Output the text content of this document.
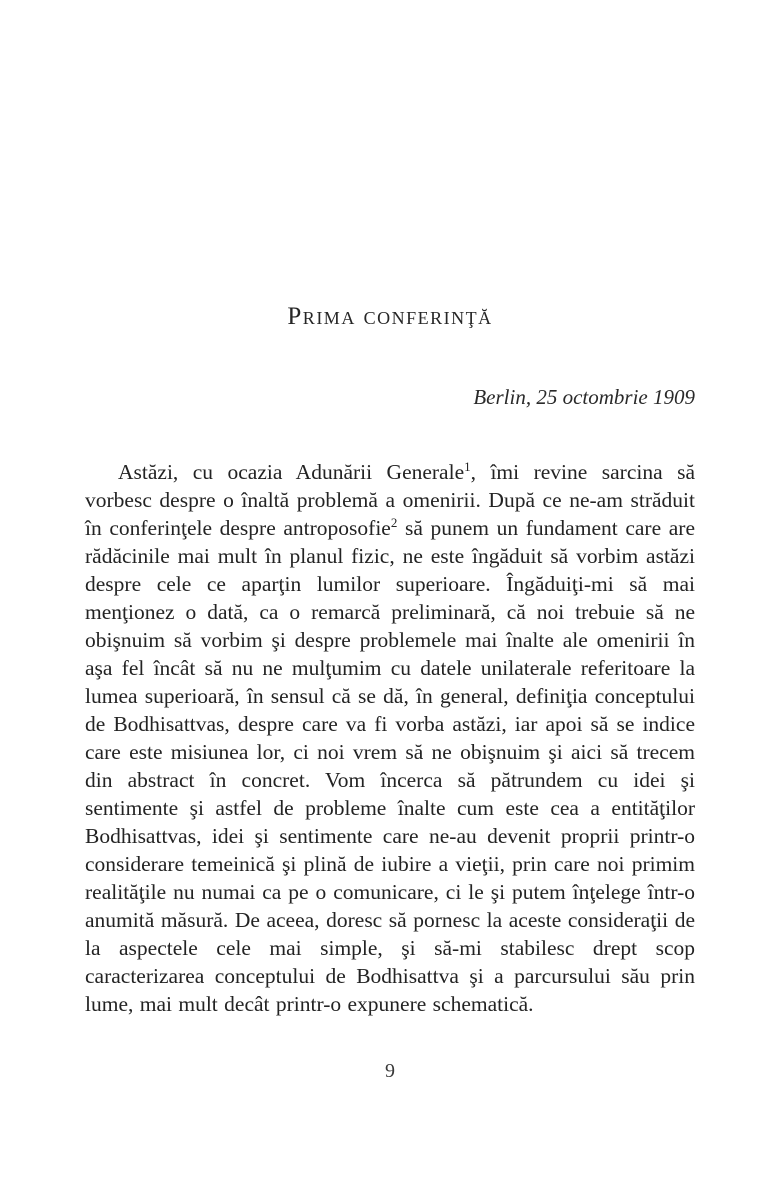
Prima conferinţă
Berlin, 25 octombrie 1909

Astăzi, cu ocazia Adunării Generale$^1$, îmi revine sarcina să vorbesc despre o înaltă problemă a omenirii. După ce ne-am străduit în conferinţele despre antroposofie$^2$ să punem un fundament care are rădăcinile mai mult în planul fizic, ne este îngăduit să vorbim astăzi despre cele ce aparţin lumilor superioare. Îngăduiţi-mi să mai menţionez o dată, ca o remarcă preliminară, că noi trebuie să ne obişnuim să vorbim şi despre problemele mai înalte ale omenirii în aşa fel încât să nu ne mulţumim cu datele unilaterale referitoare la lumea superioară, în sensul că se dă, în general, definiţia conceptului de Bodhisattvas, despre care va fi vorba astăzi, iar apoi să se indice care este misiunea lor, ci noi vrem să ne obişnuim şi aici să trecem din abstract în concret. Vom încerca să pătrundem cu idei şi sentimente şi astfel de probleme înalte cum este cea a entităţilor Bodhisattvas, idei şi sentimente care ne-au devenit proprii printr-o considerare temeinică şi plină de iubire a vieţii, prin care noi primim realităţile nu numai ca pe o comunicare, ci le şi putem înţelege într-o anumită măsură. De aceea, doresc să pornesc la aceste consideraţii de la aspectele cele mai simple, şi să-mi stabilesc drept scop caracterizarea conceptului de Bodhisattva şi a parcursului său prin lume, mai mult decât printr-o expunere schematică.

9
